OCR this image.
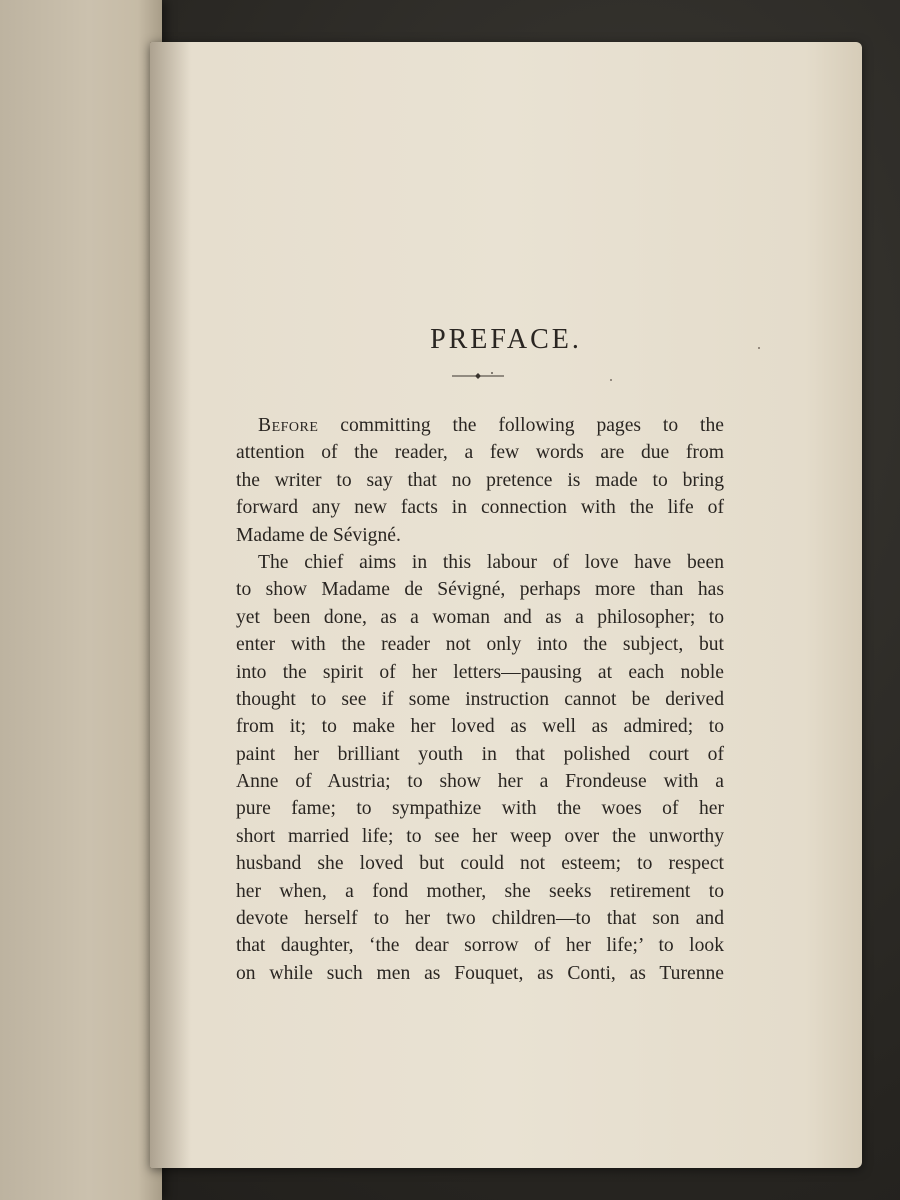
PREFACE.
Before committing the following pages to the
attention of the reader, a few words are due from
the writer to say that no pretence is made to bring
forward any new facts in connection with the life of
Madame de Sévigné.
The chief aims in this labour of love have been
to show Madame de Sévigné, perhaps more than has
yet been done, as a woman and as a philosopher; to
enter with the reader not only into the subject, but
into the spirit of her letters—pausing at each noble
thought to see if some instruction cannot be derived
from it; to make her loved as well as admired; to
paint her brilliant youth in that polished court of
Anne of Austria; to show her a Frondeuse with a
pure fame; to sympathize with the woes of her
short married life; to see her weep over the unworthy
husband she loved but could not esteem; to respect
her when, a fond mother, she seeks retirement to
devote herself to her two children—to that son and
that daughter, ‘the dear sorrow of her life;’ to look
on while such men as Fouquet, as Conti, as Turenne
